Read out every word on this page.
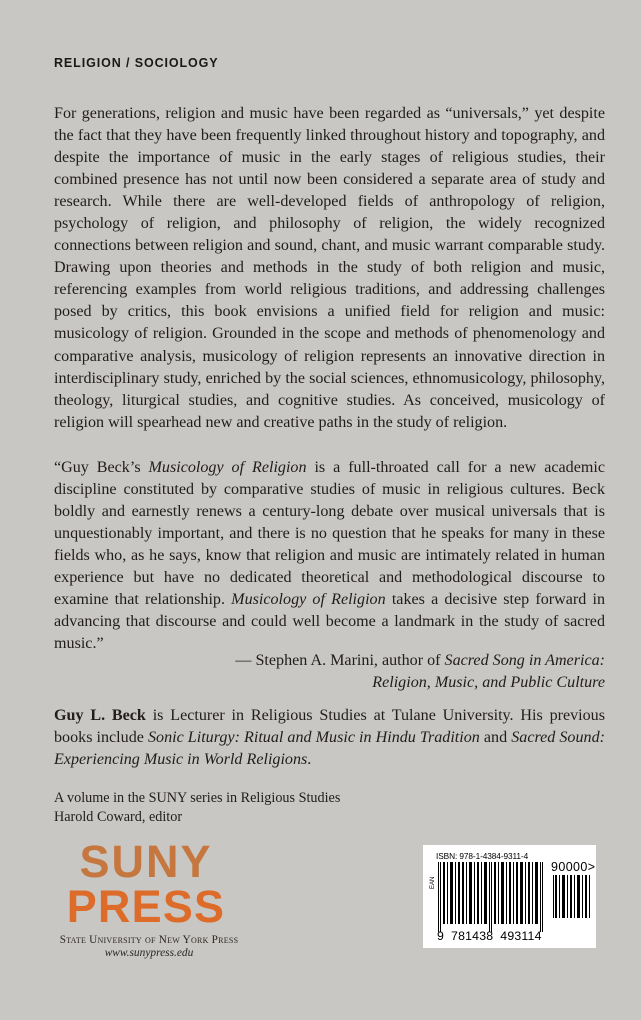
RELIGION / SOCIOLOGY
For generations, religion and music have been regarded as “universals,” yet despite the fact that they have been frequently linked throughout history and topography, and despite the importance of music in the early stages of religious studies, their combined presence has not until now been considered a separate area of study and research. While there are well-developed fields of anthropology of religion, psychology of religion, and philosophy of religion, the widely recognized connections between religion and sound, chant, and music warrant comparable study. Drawing upon theories and methods in the study of both religion and music, referencing examples from world religious traditions, and addressing challenges posed by critics, this book envisions a unified field for religion and music: musicology of religion. Grounded in the scope and methods of phenomenology and comparative analysis, musicology of religion represents an innovative direction in interdisciplinary study, enriched by the social sciences, ethnomusicology, philosophy, theology, liturgical studies, and cognitive studies. As conceived, musicology of religion will spearhead new and creative paths in the study of religion.
“Guy Beck’s Musicology of Religion is a full-throated call for a new academic discipline constituted by comparative studies of music in religious cultures. Beck boldly and earnestly renews a century-long debate over musical universals that is unquestionably important, and there is no question that he speaks for many in these fields who, as he says, know that religion and music are intimately related in human experience but have no dedicated theoretical and methodological discourse to examine that relationship. Musicology of Religion takes a decisive step forward in advancing that discourse and could well become a landmark in the study of sacred music.”
— Stephen A. Marini, author of Sacred Song in America:
Religion, Music, and Public Culture
Guy L. Beck is Lecturer in Religious Studies at Tulane University. His previous books include Sonic Liturgy: Ritual and Music in Hindu Tradition and Sacred Sound: Experiencing Music in World Religions.
A volume in the SUNY series in Religious Studies
Harold Coward, editor
SUNY
PRESS
State University of New York Press
www.sunypress.edu
ISBN: 978-1-4384-9311-4
EAN
90000>
9 781438 493114
